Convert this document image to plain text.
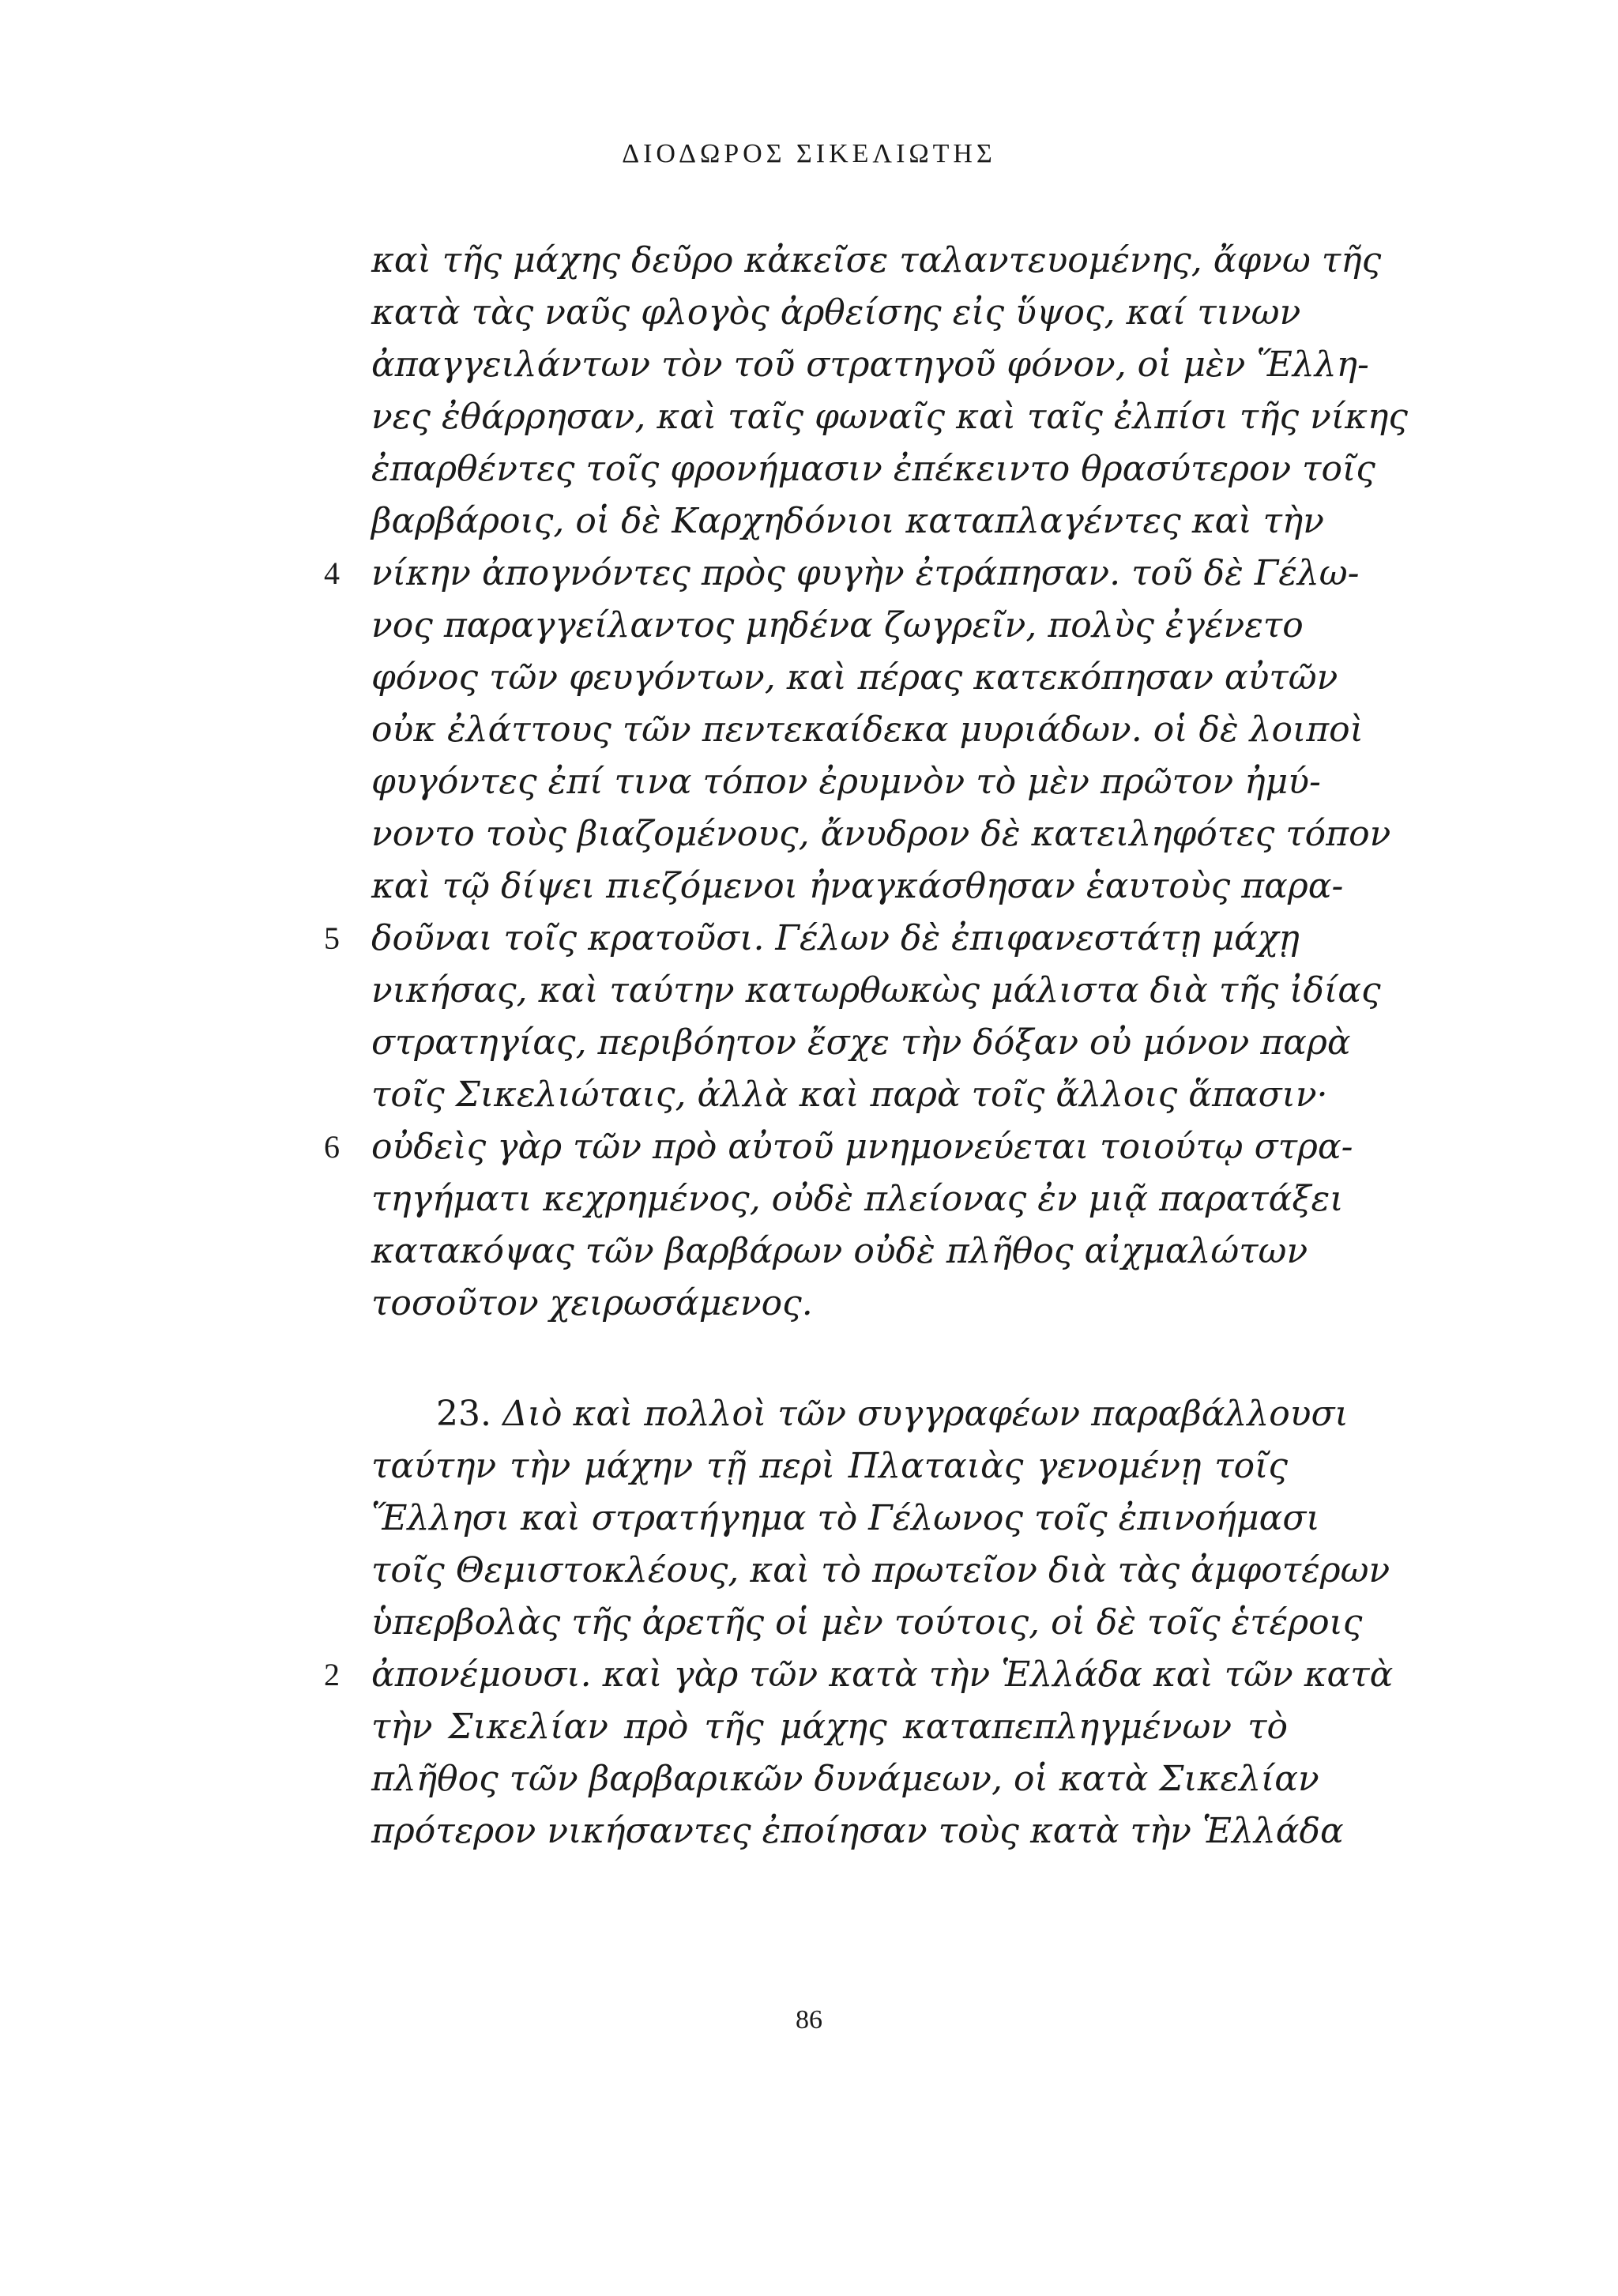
ΔΙΟΔΩΡΟΣ ΣΙΚΕΛΙΩΤΗΣ
καὶ τῆς μάχης δεῦρο κἀκεῖσε ταλαντευομένης, ἄφνω τῆς
κατὰ τὰς ναῦς φλογὸς ἀρθείσης εἰς ὕψος, καί τινων
ἀπαγγειλάντων τὸν τοῦ στρατηγοῦ φόνον, οἱ μὲν Ἕλλη-
νες ἐθάρρησαν, καὶ ταῖς φωναῖς καὶ ταῖς ἐλπίσι τῆς νίκης
ἐπαρθέντες τοῖς φρονήμασιν ἐπέκειντο θρασύτερον τοῖς
βαρβάροις, οἱ δὲ Καρχηδόνιοι καταπλαγέντες καὶ τὴν
νίκην ἀπογνόντες πρὸς φυγὴν ἐτράπησαν. τοῦ δὲ Γέλω-
νος παραγγείλαντος μηδένα ζωγρεῖν, πολὺς ἐγένετο
φόνος τῶν φευγόντων, καὶ πέρας κατεκόπησαν αὐτῶν
οὐκ ἐλάττους τῶν πεντεκαίδεκα μυριάδων. οἱ δὲ λοιποὶ
φυγόντες ἐπί τινα τόπον ἐρυμνὸν τὸ μὲν πρῶτον ἠμύ-
νοντο τοὺς βιαζομένους, ἄνυδρον δὲ κατειληφότες τόπον
καὶ τῷ δίψει πιεζόμενοι ἠναγκάσθησαν ἑαυτοὺς παρα-
δοῦναι τοῖς κρατοῦσι. Γέλων δὲ ἐπιφανεστάτῃ μάχῃ
νικήσας, καὶ ταύτην κατωρθωκὼς μάλιστα διὰ τῆς ἰδίας
στρατηγίας, περιβόητον ἔσχε τὴν δόξαν οὐ μόνον παρὰ
τοῖς Σικελιώταις, ἀλλὰ καὶ παρὰ τοῖς ἄλλοις ἅπασιν·
οὐδεὶς γὰρ τῶν πρὸ αὐτοῦ μνημονεύεται τοιούτῳ στρα-
τηγήματι κεχρημένος, οὐδὲ πλείονας ἐν μιᾷ παρατάξει
κατακόψας τῶν βαρβάρων οὐδὲ πλῆθος αἰχμαλώτων
τοσοῦτον χειρωσάμενος.
23. Διὸ καὶ πολλοὶ τῶν συγγραφέων παραβάλλουσι
ταύτην τὴν μάχην τῇ περὶ Πλαταιὰς γενομένῃ τοῖς
Ἕλλησι καὶ στρατήγημα τὸ Γέλωνος τοῖς ἐπινοήμασι
τοῖς Θεμιστοκλέους, καὶ τὸ πρωτεῖον διὰ τὰς ἀμφοτέρων
ὑπερβολὰς τῆς ἀρετῆς οἱ μὲν τούτοις, οἱ δὲ τοῖς ἑτέροις
ἀπονέμουσι. καὶ γὰρ τῶν κατὰ τὴν Ἑλλάδα καὶ τῶν κατὰ
τὴν Σικελίαν πρὸ τῆς μάχης καταπεπληγμένων τὸ
πλῆθος τῶν βαρβαρικῶν δυνάμεων, οἱ κατὰ Σικελίαν
πρότερον νικήσαντες ἐποίησαν τοὺς κατὰ τὴν Ἑλλάδα
4
5
6
2
86
